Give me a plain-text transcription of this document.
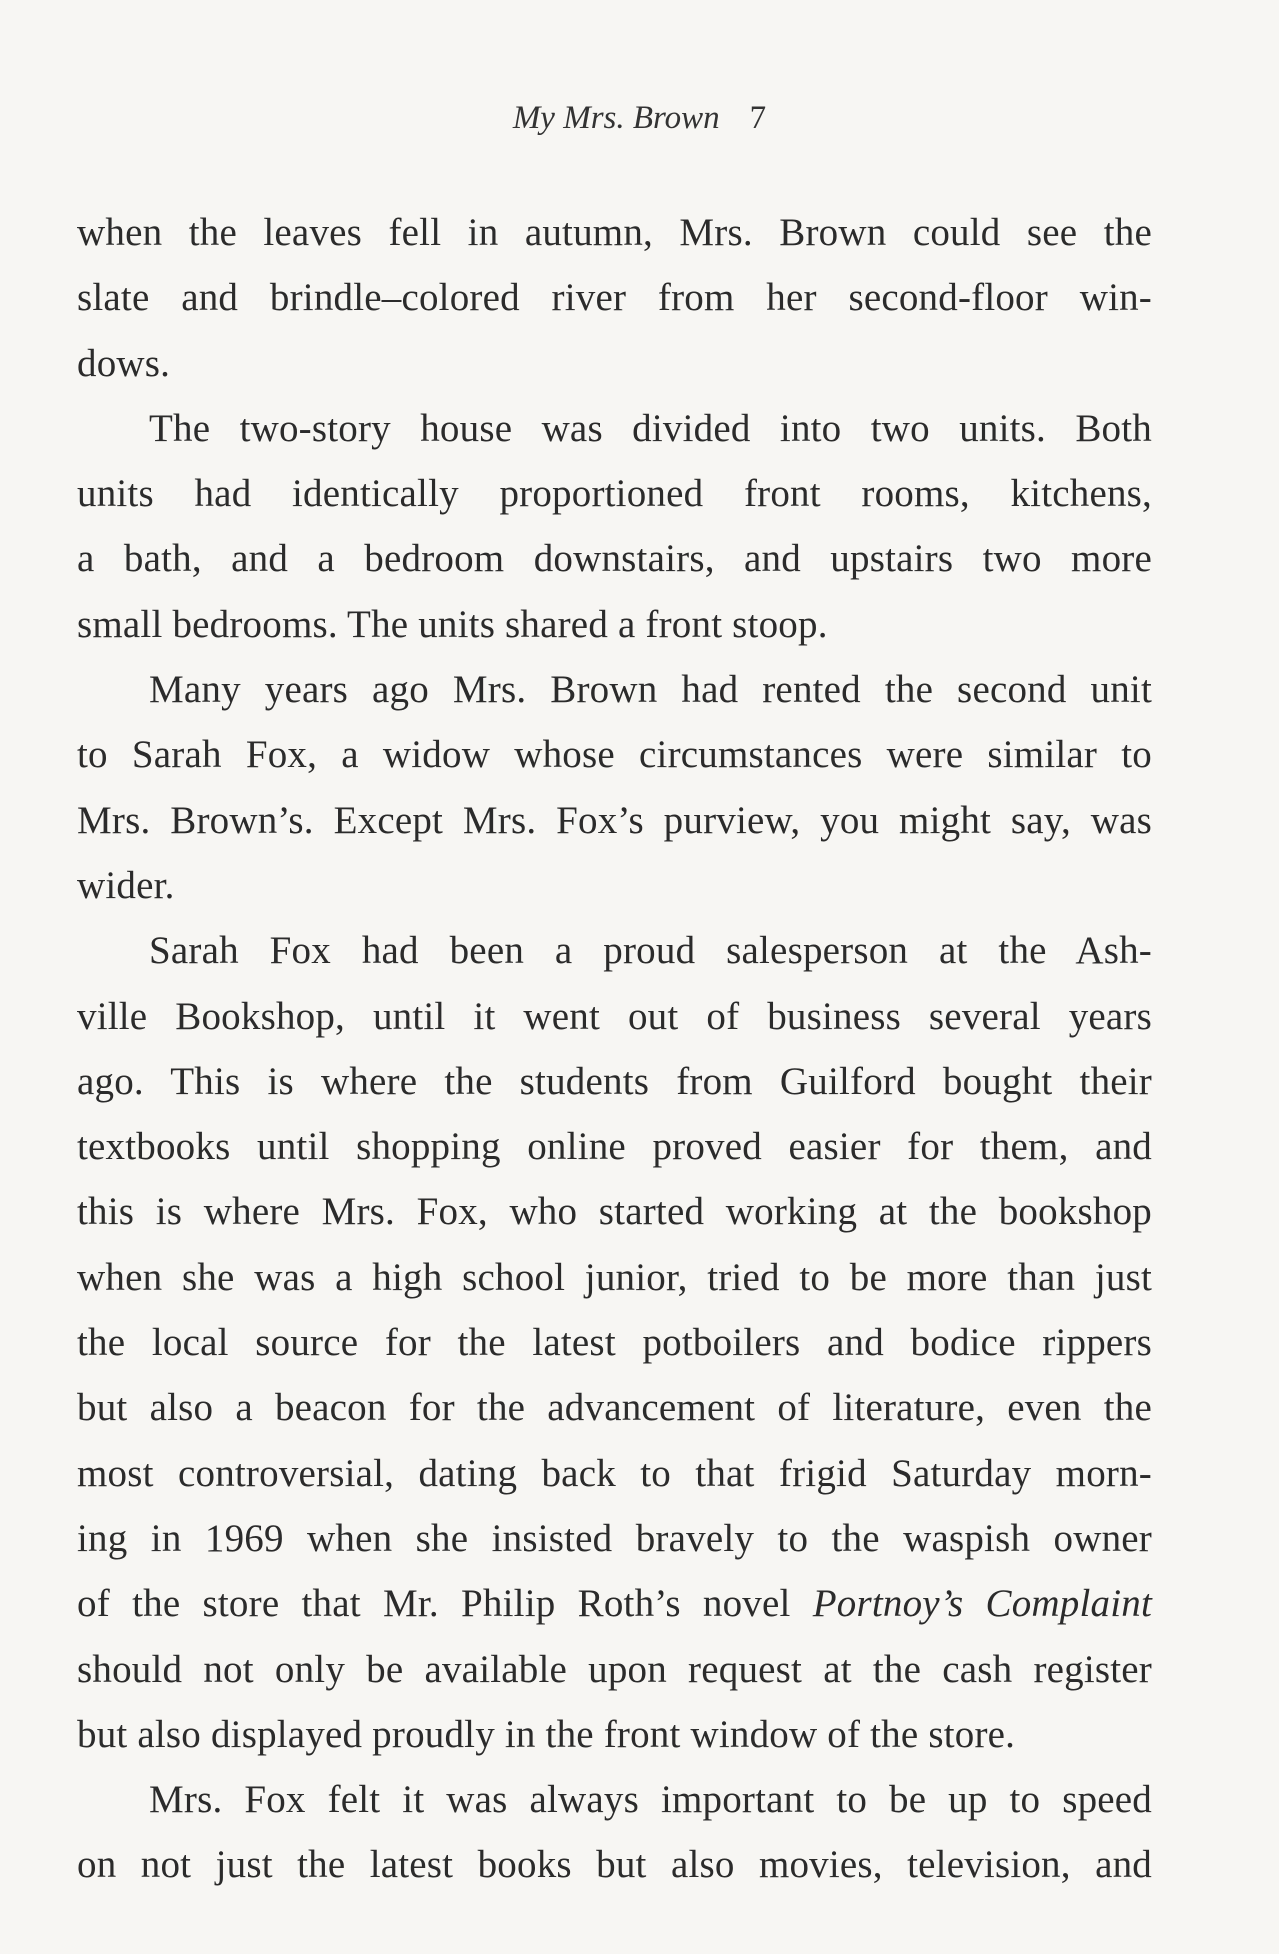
My Mrs. Brown 7
when the leaves fell in autumn, Mrs. Brown could see the
slate and brindle–colored river from her second-floor win-
dows.
The two-story house was divided into two units. Both
units had identically proportioned front rooms, kitchens,
a bath, and a bedroom downstairs, and upstairs two more
small bedrooms. The units shared a front stoop.
Many years ago Mrs. Brown had rented the second unit
to Sarah Fox, a widow whose circumstances were similar to
Mrs. Brown’s. Except Mrs. Fox’s purview, you might say, was
wider.
Sarah Fox had been a proud salesperson at the Ash-
ville Bookshop, until it went out of business several years
ago. This is where the students from Guilford bought their
textbooks until shopping online proved easier for them, and
this is where Mrs. Fox, who started working at the bookshop
when she was a high school junior, tried to be more than just
the local source for the latest potboilers and bodice rippers
but also a beacon for the advancement of literature, even the
most controversial, dating back to that frigid Saturday morn-
ing in 1969 when she insisted bravely to the waspish owner
of the store that Mr. Philip Roth’s novel Portnoy’s Complaint
should not only be available upon request at the cash register
but also displayed proudly in the front window of the store.
Mrs. Fox felt it was always important to be up to speed
on not just the latest books but also movies, television, and
